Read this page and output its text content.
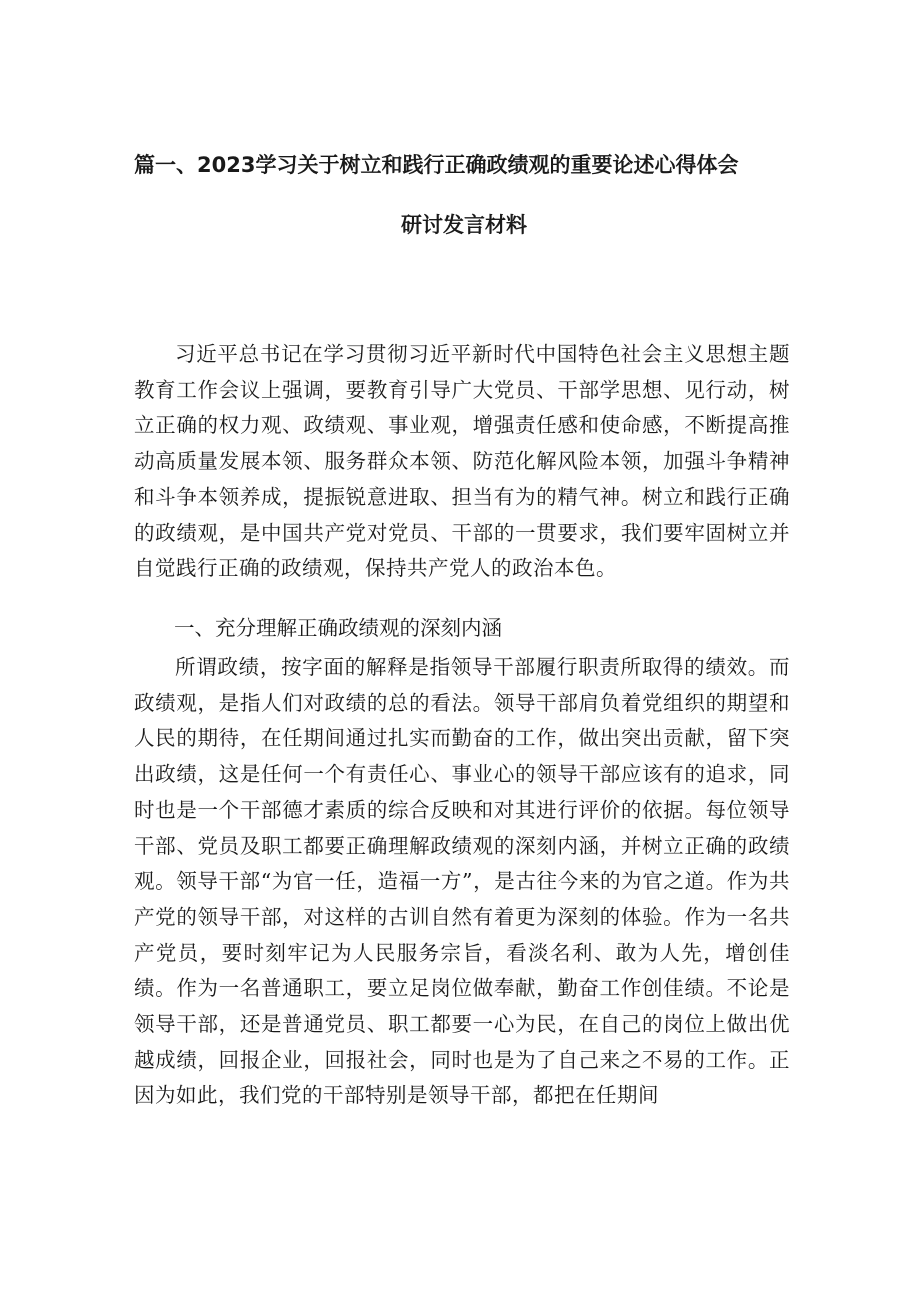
篇一、2023学习关于树立和践行正确政绩观的重要论述心得体会
研讨发言材料

习近平总书记在学习贯彻习近平新时代中国特色社会主义思想主题教育工作会议上强调，要教育引导广大党员、干部学思想、见行动，树立正确的权力观、政绩观、事业观，增强责任感和使命感，不断提高推动高质量发展本领、服务群众本领、防范化解风险本领，加强斗争精神和斗争本领养成，提振锐意进取、担当有为的精气神。树立和践行正确的政绩观，是中国共产党对党员、干部的一贯要求，我们要牢固树立并自觉践行正确的政绩观，保持共产党人的政治本色。

一、充分理解正确政绩观的深刻内涵

所谓政绩，按字面的解释是指领导干部履行职责所取得的绩效。而政绩观，是指人们对政绩的总的看法。领导干部肩负着党组织的期望和人民的期待，在任期间通过扎实而勤奋的工作，做出突出贡献，留下突出政绩，这是任何一个有责任心、事业心的领导干部应该有的追求，同时也是一个干部德才素质的综合反映和对其进行评价的依据。每位领导干部、党员及职工都要正确理解政绩观的深刻内涵，并树立正确的政绩观。领导干部“为官一任，造福一方”，是古往今来的为官之道。作为共产党的领导干部，对这样的古训自然有着更为深刻的体验。作为一名共产党员，要时刻牢记为人民服务宗旨，看淡名利、敢为人先，增创佳绩。作为一名普通职工，要立足岗位做奉献，勤奋工作创佳绩。不论是领导干部，还是普通党员、职工都要一心为民，在自己的岗位上做出优越成绩，回报企业，回报社会，同时也是为了自己来之不易的工作。正因为如此，我们党的干部特别是领导干部，都把在任期间
